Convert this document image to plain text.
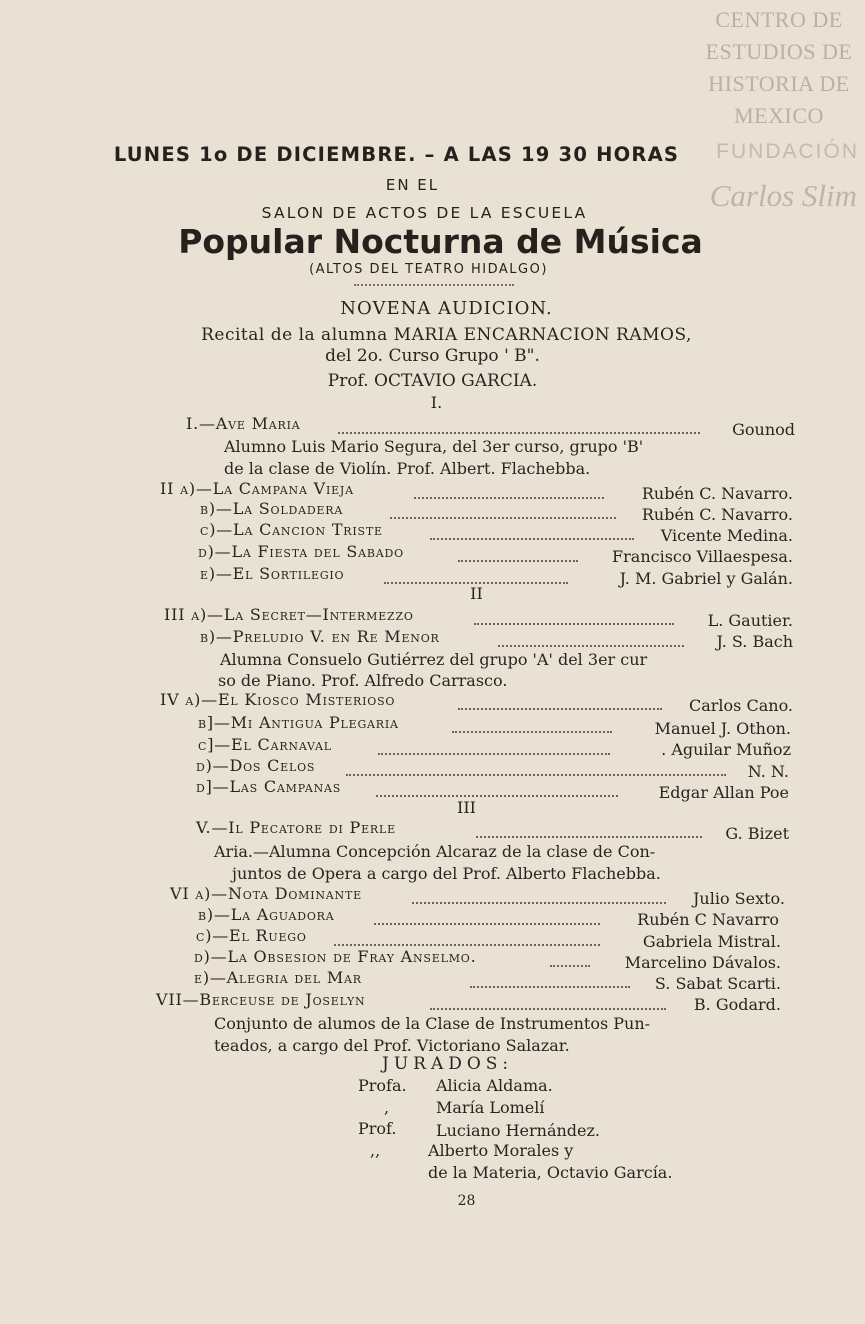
CENTRO DE ESTUDIOS DE HISTORIA DE MEXICO
FUNDACIÓN
Carlos Slim
LUNES 1o DE DICIEMBRE. – A LAS 19 30 HORAS
EN EL
SALON DE ACTOS DE LA ESCUELA
Popular Nocturna de Música
(ALTOS DEL TEATRO HIDALGO)
NOVENA AUDICION.
Recital de la alumna MARIA ENCARNACION RAMOS,
del 2o. Curso Grupo ' B".
Prof. OCTAVIO GARCIA.
I.
I.—Ave Maria	Gounod
Alumno Luis Mario Segura, del 3er curso, grupo 'B'
de la clase de Violín. Prof. Albert. Flachebba.
II a)—La Campana Vieja	Rubén C. Navarro.
b)—La Soldadera	Rubén C. Navarro.
c)—La Cancion Triste	Vicente Medina.
d)—La Fiesta del Sabado	Francisco Villaespesa.
e)—El Sortilegio	J. M. Gabriel y Galán.
II
III a)—La Secret—Intermezzo	L. Gautier.
b)—Preludio V. en Re Menor	J. S. Bach
Alumna Consuelo Gutiérrez del grupo 'A' del 3er cur
so de Piano. Prof. Alfredo Carrasco.
IV a)—El Kiosco Misterioso	Carlos Cano.
b]—Mi Antigua Plegaria	Manuel J. Othon.
c]—El Carnaval	. Aguilar Muñoz
d)—Dos Celos	N. N.
d]—Las Campanas	Edgar Allan Poe
III
V.—Il Pecatore di Perle	G. Bizet
Aria.—Alumna Concepción Alcaraz de la clase de Con-
juntos de Opera a cargo del Prof. Alberto Flachebba.
VI a)—Nota Dominante	Julio Sexto.
b)—La Aguadora	Rubén C Navarro
c)—El Ruego	Gabriela Mistral.
d)—La Obsesion de Fray Anselmo.	Marcelino Dávalos.
e)—Alegria del Mar	S. Sabat Scarti.
VII—Berceuse de Joselyn	B. Godard.
Conjunto de alumos de la Clase de Instrumentos Pun-
teados, a cargo del Prof. Victoriano Salazar.
JURADOS:
Profa. Alicia Aldama.
,	María Lomelí
Prof. Luciano Hernández.
,,	Alberto Morales y
de la Materia, Octavio García.
28
